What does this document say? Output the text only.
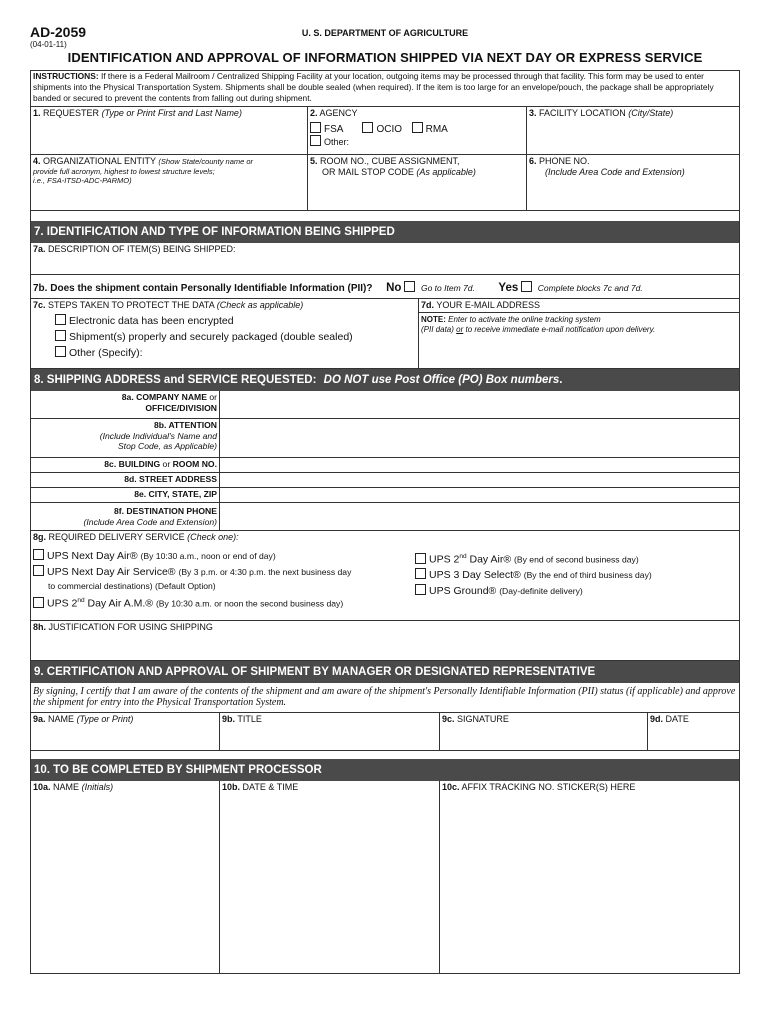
AD-2059
(04-01-11)
U. S. DEPARTMENT OF AGRICULTURE
IDENTIFICATION AND APPROVAL OF INFORMATION SHIPPED VIA NEXT DAY OR EXPRESS SERVICE
INSTRUCTIONS: If there is a Federal Mailroom / Centralized Shipping Facility at your location, outgoing items may be processed through that facility. This form may be used to enter shipments into the Physical Transportation System. Shipments shall be double sealed (when required). If the item is too large for an envelope/pouch, the package shall be appropriately banded or secured to prevent the contents from falling out during shipment.
1. REQUESTER (Type or Print First and Last Name)	2. AGENCY
FSA	OCIO RMA
Other:
3. FACILITY LOCATION (City/State)
4. ORGANIZATIONAL ENTITY (Show State/county name or
provide full acronym, highest to lowest structure levels;
i.e., FSA-ITSD-ADC-PARMO)
5. ROOM NO., CUBE ASSIGNMENT,
OR MAIL STOP CODE (As applicable)
6. PHONE NO.
(Include Area Code and Extension)
7. IDENTIFICATION AND TYPE OF INFORMATION BEING SHIPPED
7a. DESCRIPTION OF ITEM(S) BEING SHIPPED:
7b. Does the shipment contain Personally Identifiable Information (PII)? No Go to Item 7d. Yes Complete blocks 7c and 7d.
7c. STEPS TAKEN TO PROTECT THE DATA (Check as applicable)
Electronic data has been encrypted
Shipment(s) properly and securely packaged (double sealed)
Other (Specify):
7d. YOUR E-MAIL ADDRESS
NOTE: Enter to activate the online tracking system
(PII data) or to receive immediate e-mail notification upon delivery.
8. SHIPPING ADDRESS and SERVICE REQUESTED: DO NOT use Post Office (PO) Box numbers.
8a. COMPANY NAME or
OFFICE/DIVISION
8b. ATTENTION
(Include Individual's Name and
Stop Code, as Applicable)
8c. BUILDING or ROOM NO.
8d. STREET ADDRESS
8e. CITY, STATE, ZIP
8f. DESTINATION PHONE
(Include Area Code and Extension)
8g. REQUIRED DELIVERY SERVICE (Check one):
UPS Next Day Air® (By 10:30 a.m., noon or end of day)
UPS Next Day Air Service® (By 3 p.m. or 4:30 p.m. the next business day
to commercial destinations) (Default Option)
UPS 2nd Day Air A.M.® (By 10:30 a.m. or noon the second business day)
UPS 2nd Day Air® (By end of second business day)
UPS 3 Day Select® (By the end of third business day)
UPS Ground® (Day-definite delivery)
8h. JUSTIFICATION FOR USING SHIPPING
9. CERTIFICATION AND APPROVAL OF SHIPMENT BY MANAGER OR DESIGNATED REPRESENTATIVE
By signing, I certify that I am aware of the contents of the shipment and am aware of the shipment's Personally Identifiable Information (PII) status (if applicable) and approve the shipment for entry into the Physical Transportation System.
9a. NAME (Type or Print)	9b. TITLE	9c. SIGNATURE	9d. DATE
10. TO BE COMPLETED BY SHIPMENT PROCESSOR
10a. NAME (Initials)	10b. DATE & TIME	10c. AFFIX TRACKING NO. STICKER(S) HERE
